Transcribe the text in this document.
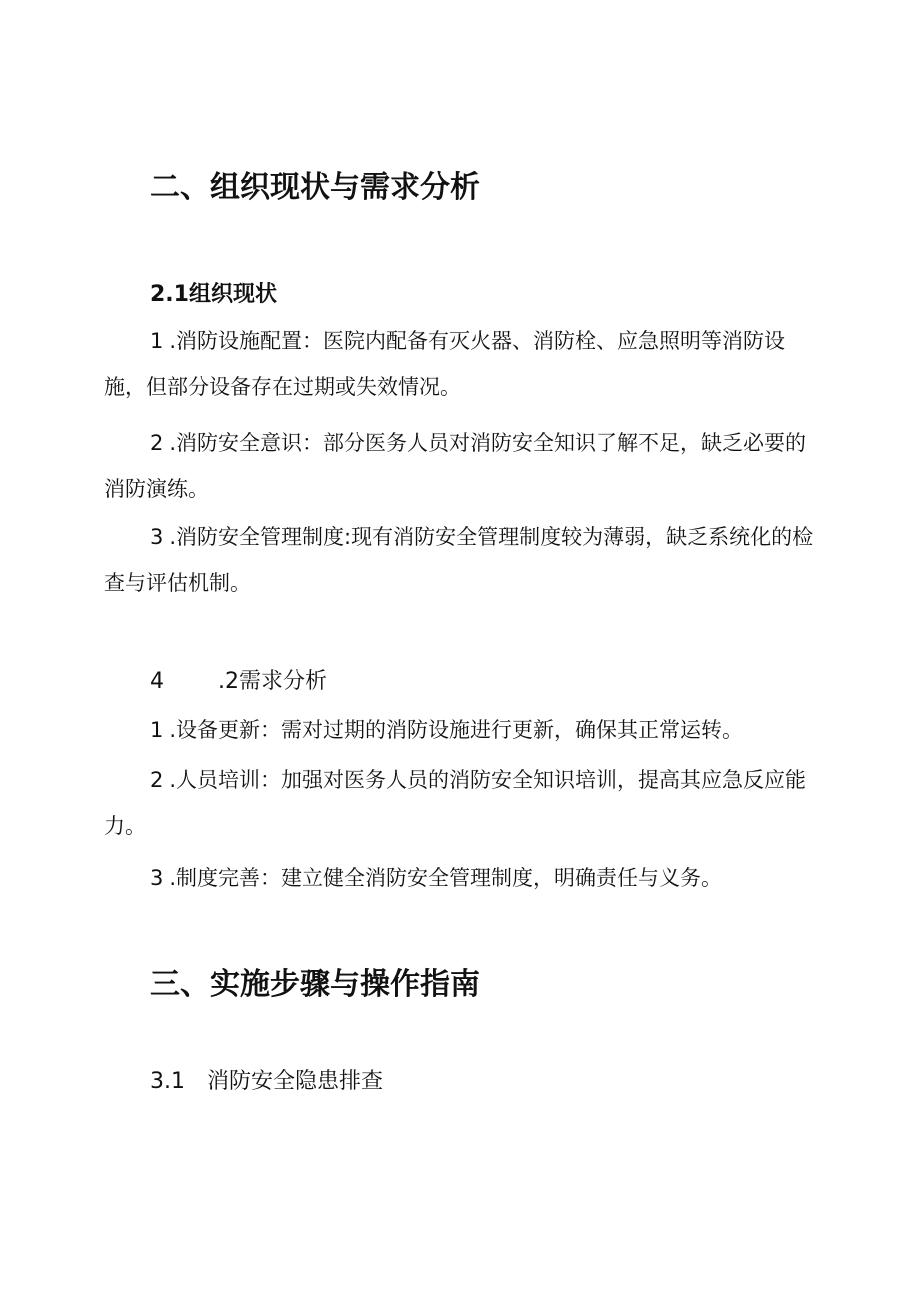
二、组织现状与需求分析
2.1组织现状

1 .消防设施配置：医院内配备有灭火器、消防栓、应急照明等消防设施，但部分设备存在过期或失效情况。

2 .消防安全意识：部分医务人员对消防安全知识了解不足，缺乏必要的消防演练。

3 .消防安全管理制度:现有消防安全管理制度较为薄弱，缺乏系统化的检查与评估机制。

4 .2需求分析

1 .设备更新：需对过期的消防设施进行更新，确保其正常运转。

2 .人员培训：加强对医务人员的消防安全知识培训，提高其应急反应能力。

3 .制度完善：建立健全消防安全管理制度，明确责任与义务。

三、实施步骤与操作指南
3.1 消防安全隐患排查
